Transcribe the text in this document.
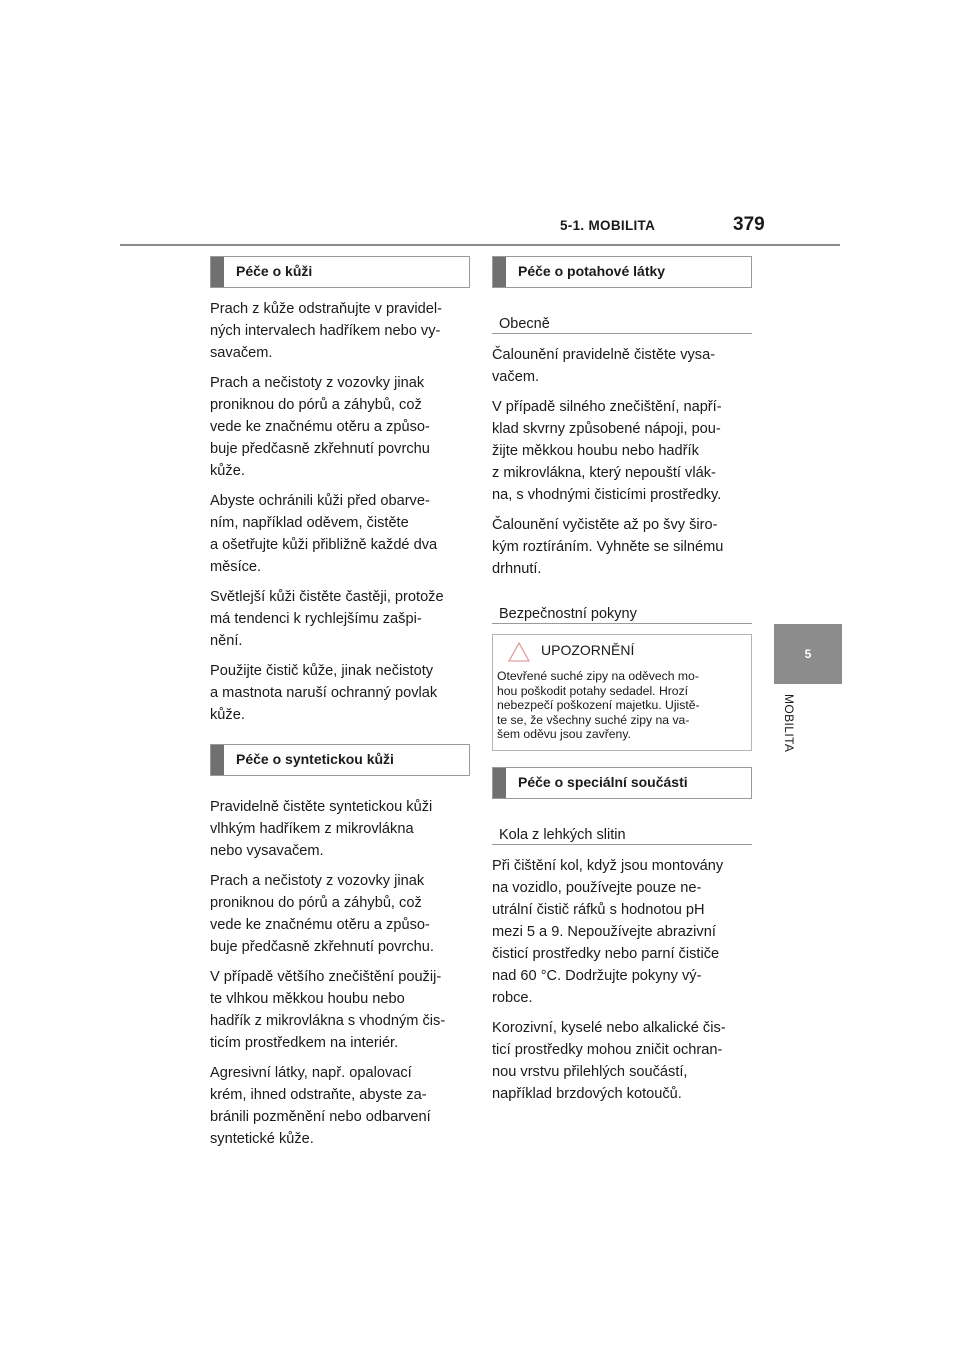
5-1. MOBILITA	379
5
MOBILITA
Péče o kůži

Prach z kůže odstraňujte v pravidel-
ných intervalech hadříkem nebo vy-
savačem.

Prach a nečistoty z vozovky jinak
proniknou do pórů a záhybů, což
vede ke značnému otěru a způso-
buje předčasně zkřehnutí povrchu
kůže.

Abyste ochránili kůži před obarve-
ním, například oděvem, čistěte
a ošetřujte kůži přibližně každé dva
měsíce.

Světlejší kůži čistěte častěji, protože
má tendenci k rychlejšímu zašpi-
nění.

Použijte čistič kůže, jinak nečistoty
a mastnota naruší ochranný povlak
kůže.

Péče o syntetickou kůži

Pravidelně čistěte syntetickou kůži
vlhkým hadříkem z mikrovlákna
nebo vysavačem.

Prach a nečistoty z vozovky jinak
proniknou do pórů a záhybů, což
vede ke značnému otěru a způso-
buje předčasně zkřehnutí povrchu.

V případě většího znečištění použij-
te vlhkou měkkou houbu nebo
hadřík z mikrovlákna s vhodným čis-
ticím prostředkem na interiér.

Agresivní látky, např. opalovací
krém, ihned odstraňte, abyste za-
bránili pozměnění nebo odbarvení
syntetické kůže.

Péče o potahové látky
Obecně

Čalounění pravidelně čistěte vysa-
vačem.

V případě silného znečištění, napří-
klad skvrny způsobené nápoji, pou-
žijte měkkou houbu nebo hadřík
z mikrovlákna, který nepouští vlák-
na, s vhodnými čisticími prostředky.

Čalounění vyčistěte až po švy širo-
kým roztíráním. Vyhněte se silnému
drhnutí.

Bezpečnostní pokyny
UPOZORNĚNÍ
Otevřené suché zipy na oděvech mo-
hou poškodit potahy sedadel. Hrozí
nebezpečí poškození majetku. Ujistě-
te se, že všechny suché zipy na va-
šem oděvu jsou zavřeny.
Péče o speciální součásti
Kola z lehkých slitin

Při čištění kol, když jsou montovány
na vozidlo, používejte pouze ne-
utrální čistič ráfků s hodnotou pH
mezi 5 a 9. Nepoužívejte abrazivní
čisticí prostředky nebo parní čističe
nad 60 °C. Dodržujte pokyny vý-
robce.

Korozivní, kyselé nebo alkalické čis-
ticí prostředky mohou zničit ochran-
nou vrstvu přilehlých součástí,
například brzdových kotoučů.
